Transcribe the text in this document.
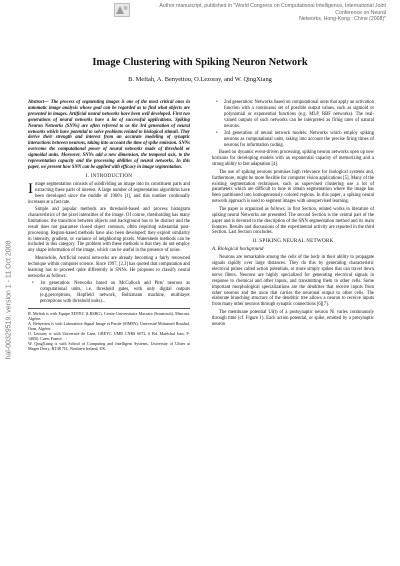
hal-00329519, version 1 - 11 Oct 2008
Author manuscript, published in "World Congress on Computational Intelligence, International Joint Conference on Neural
Networks, Hong-Kong : Chine (2008)"
Image Clustering with Spiking Neuron Network
B. Meftah, A. Benyettou, O.Lezoray, and W. QingXiang

Abstract— The process of segmenting images is one of the most critical ones in automatic image analysis whose goal can be regarded as to find what objects are presented in images. Artificial neural networks have been well developed. First two generations of neural networks have a lot of successful applications. Spiking Neuron Networks (SNNs) are often referred to as the 3rd generation of neural networks which have potential to solve problems related to biological stimuli. They derive their strength and interest from an accurate modeling of synaptic interactions between neurons, taking into account the time of spike emission. SNNs overcome the computational power of neural networks made of threshold or sigmoidal units. Moreover, SNNs add a new dimension, the temporal axis, to the representation capacity and the processing abilities of neural networks. In this paper, we present how SNN can be applied with efficacy in image segmentation.

I. INTRODUCTION

Image segmentation consists of subdividing an image into its constituent parts and extracting these parts of interest. A large number of segmentation algorithms have been developed since the middle of 1960's [1], and this number continually increases at a fast rate.

Simple and popular methods are threshold-based and process histogram characteristics of the pixel intensities of the image. Of course, thresholding has many limitations: the transition between objects and background has to be distinct and the result does not guarantee closed object contours, often requiring substantial post-processing. Region-based methods have also been developed; they exploit similarity in intensity, gradient, or variance of neighboring pixels. Watersheds methods can be included in this category. The problem with these methods is that they do not employ any shape information of the image, which can be useful in the presence of noise.

Meanwhile, Artificial neural networks are already becoming a fairly renowned technique within computer science. Since 1997, [2,3] has quoted that computation and learning has to proceed quite differently in SNNs. He proposes to classify neural networks as follows:

• 1st generation: Networks based on McCulloch and Pitts' neurons as computational units, i.e. threshold gates, with only digital outputs (e.g.perceptrons, Hopfield network, Boltzmann machine, multilayer perceptrons with threshold units)...

B. Meftah is with Equipe EDTEC (LRSBG), Centre Universitaire Mascara (Sonatrach), Mascara, Algérie.
A. Benyettou is with Laboratoire Signal Image et Parole (SIMPA), Université Mohamed Boudiaf, Oran, Algérie.
O. Lezoray is with Université de Caen, GREYC UMR CNRS 6072, 6 Bd. Maréchal Juin, F-14050, Caen, France.
W. QingXiang is with School of Computing and Intelligent Systems, University of Ulster at Magee Derry, BT48 7JL, Northern Ireland, UK.

• 2nd generation: Networks based on computational units that apply an activation function with a continuous set of possible output values, such as sigmoid or polynomial or exponential functions (e.g. MLP, RBF networks). The real-valued outputs of such networks can be interpreted as firing rates of natural neurons.

• 3rd generation of neural network models: Networks which employ spiking neurons as computational units, taking into account the precise firing times of neurons for information coding.

Based on dynamic event-driven processing, spiking neuron networks open up new horizons for developing models with an exponential capacity of memorizing and a strong ability to fast adaptation [4].

The use of spiking neurons promises high relevance for biological systems and, furthermore, might be more flexible for computer vision applications [5]. Many of the existing segmentation techniques, such as supervised clustering use a lot of parameters which are difficult to tune to obtain segmentation where the image has been partitioned into homogeneously colored regions. In this paper, a spiking neural network approach is used to segment images with unsupervised learning.

The paper is organized as follows: in first Section, related works in literature of spiking neural Networks are presented. The second Section is the central part of the paper and is devoted to the description of the SNN segmentation method and its main features. Results and discussions of the experimental activity are reported in the third Section. Last Section concludes.

II. SPIKING NEURAL NETWORK
A. Biological background

Neurons are remarkable among the cells of the body in their ability to propagate signals rapidly over large distances. They do this by generating characteristic electrical pulses called action potentials, or more simply spikes that can travel down nerve fibers. Neurons are highly specialized for generating electrical signals in response to chemical and other inputs, and transmitting them to other cells. Some important morphological specializations are the dendrites that receive inputs from other neurons and the axon that carries the neuronal output to other cells. The elaborate branching structure of the dendritic tree allows a neuron to receive inputs from many other neurons through synaptic connections [6][7].

The membrane potential Ui(t) of a postsynaptic neuron Ni varies continuously through time (cf. Figure 1). Each action potential, or spike, emitted by a presynaptic neuron
